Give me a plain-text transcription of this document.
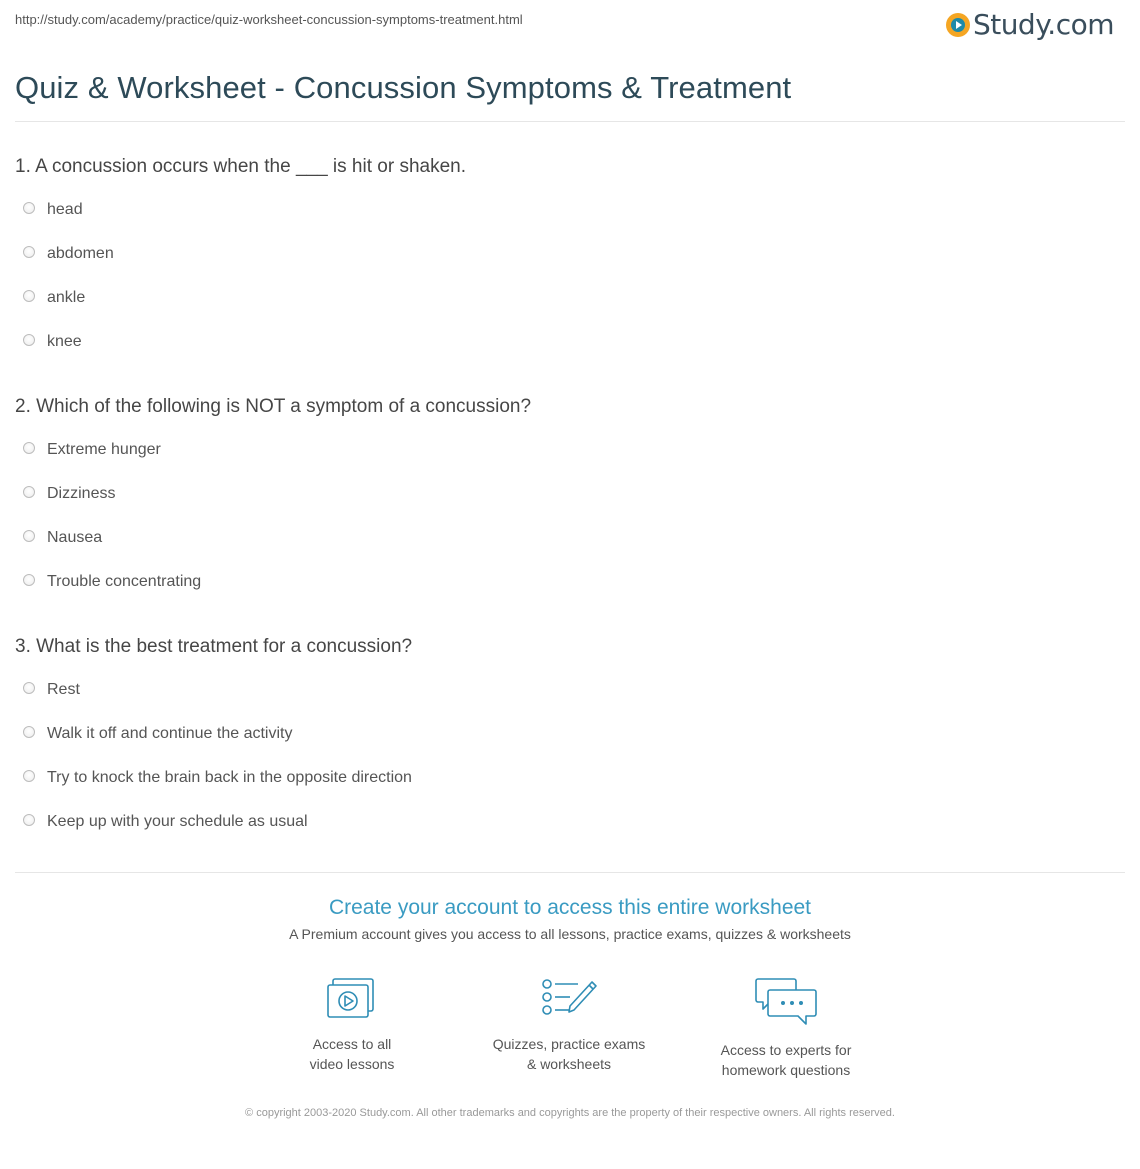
http://study.com/academy/practice/quiz-worksheet-concussion-symptoms-treatment.html	Study.com
Quiz & Worksheet - Concussion Symptoms & Treatment
1. A concussion occurs when the ___ is hit or shaken.
head
abdomen
ankle
knee
2. Which of the following is NOT a symptom of a concussion?
Extreme hunger
Dizziness
Nausea
Trouble concentrating
3. What is the best treatment for a concussion?
Rest
Walk it off and continue the activity
Try to knock the brain back in the opposite direction
Keep up with your schedule as usual
Create your account to access this entire worksheet
A Premium account gives you access to all lessons, practice exams, quizzes & worksheets
Access to all
video lessons
Quizzes, practice exams
& worksheets
Access to experts for
homework questions
© copyright 2003-2020 Study.com. All other trademarks and copyrights are the property of their respective owners. All rights reserved.
